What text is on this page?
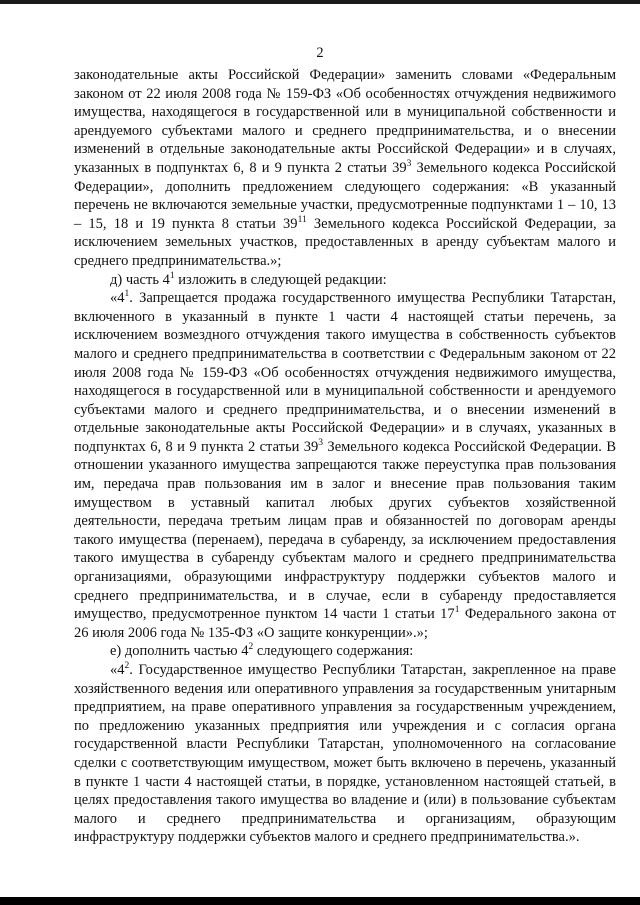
2

законодательные акты Российской Федерации» заменить словами «Федеральным законом от 22 июля 2008 года № 159-ФЗ «Об особенностях отчуждения недвижимого имущества, находящегося в государственной или в муниципальной собственности и арендуемого субъектами малого и среднего предпринимательства, и о внесении изменений в отдельные законодательные акты Российской Федерации» и в случаях, указанных в подпунктах 6, 8 и 9 пункта 2 статьи $39^3$ Земельного кодекса Российской Федерации», дополнить предложением следующего содержания: «В указанный перечень не включаются земельные участки, предусмотренные подпунктами 1 – 10, 13 – 15, 18 и 19 пункта 8 статьи $39^{11}$ Земельного кодекса Российской Федерации, за исключением земельных участков, предоставленных в аренду субъектам малого и среднего предпринимательства.»;

д) часть $4^1$ изложить в следующей редакции:

«$4^1$. Запрещается продажа государственного имущества Республики Татарстан, включенного в указанный в пункте 1 части 4 настоящей статьи перечень, за исключением возмездного отчуждения такого имущества в собственность субъектов малого и среднего предпринимательства в соответствии с Федеральным законом от 22 июля 2008 года № 159-ФЗ «Об особенностях отчуждения недвижимого имущества, находящегося в государственной или в муниципальной собственности и арендуемого субъектами малого и среднего предпринимательства, и о внесении изменений в отдельные законодательные акты Российской Федерации» и в случаях, указанных в подпунктах 6, 8 и 9 пункта 2 статьи $39^3$ Земельного кодекса Российской Федерации. В отношении указанного имущества запрещаются также переуступка прав пользования им, передача прав пользования им в залог и внесение прав пользования таким имуществом в уставный капитал любых других субъектов хозяйственной деятельности, передача третьим лицам прав и обязанностей по договорам аренды такого имущества (перенаем), передача в субаренду, за исключением предоставления такого имущества в субаренду субъектам малого и среднего предпринимательства организациями, образующими инфраструктуру поддержки субъектов малого и среднего предпринимательства, и в случае, если в субаренду предоставляется имущество, предусмотренное пунктом 14 части 1 статьи $17^1$ Федерального закона от 26 июля 2006 года № 135-ФЗ «О защите конкуренции».»;

е) дополнить частью $4^2$ следующего содержания:

«$4^2$. Государственное имущество Республики Татарстан, закрепленное на праве хозяйственного ведения или оперативного управления за государственным унитарным предприятием, на праве оперативного управления за государственным учреждением, по предложению указанных предприятия или учреждения и с согласия органа государственной власти Республики Татарстан, уполномоченного на согласование сделки с соответствующим имуществом, может быть включено в перечень, указанный в пункте 1 части 4 настоящей статьи, в порядке, установленном настоящей статьей, в целях предоставления такого имущества во владение и (или) в пользование субъектам малого и среднего предпринимательства и организациям, образующим инфраструктуру поддержки субъектов малого и среднего предпринимательства.».
